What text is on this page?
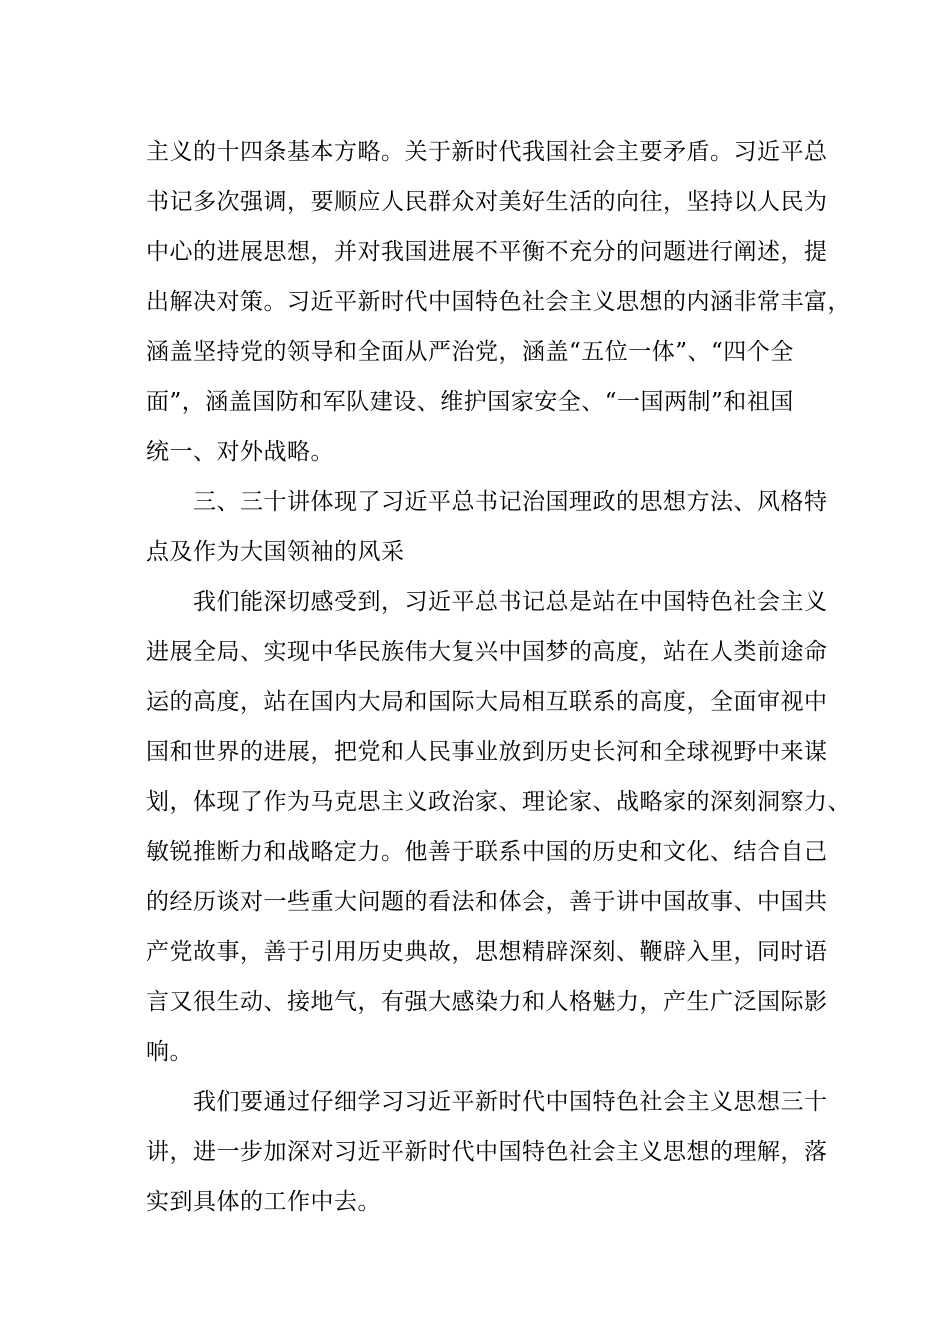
主义的十四条基本方略。关于新时代我国社会主要矛盾。习近平总
书记多次强调，要顺应人民群众对美好生活的向往，坚持以人民为
中心的进展思想，并对我国进展不平衡不充分的问题进行阐述，提
出解决对策。习近平新时代中国特色社会主义思想的内涵非常丰富，
涵盖坚持党的领导和全面从严治党，涵盖“五位一体”、“四个全
面”，涵盖国防和军队建设、维护国家安全、“一国两制”和祖国
统一、对外战略。
三、三十讲体现了习近平总书记治国理政的思想方法、风格特
点及作为大国领袖的风采
我们能深切感受到，习近平总书记总是站在中国特色社会主义
进展全局、实现中华民族伟大复兴中国梦的高度，站在人类前途命
运的高度，站在国内大局和国际大局相互联系的高度，全面审视中
国和世界的进展，把党和人民事业放到历史长河和全球视野中来谋
划，体现了作为马克思主义政治家、理论家、战略家的深刻洞察力、
敏锐推断力和战略定力。他善于联系中国的历史和文化、结合自己
的经历谈对一些重大问题的看法和体会，善于讲中国故事、中国共
产党故事，善于引用历史典故，思想精辟深刻、鞭辟入里，同时语
言又很生动、接地气，有强大感染力和人格魅力，产生广泛国际影
响。
我们要通过仔细学习习近平新时代中国特色社会主义思想三十
讲，进一步加深对习近平新时代中国特色社会主义思想的理解，落
实到具体的工作中去。
